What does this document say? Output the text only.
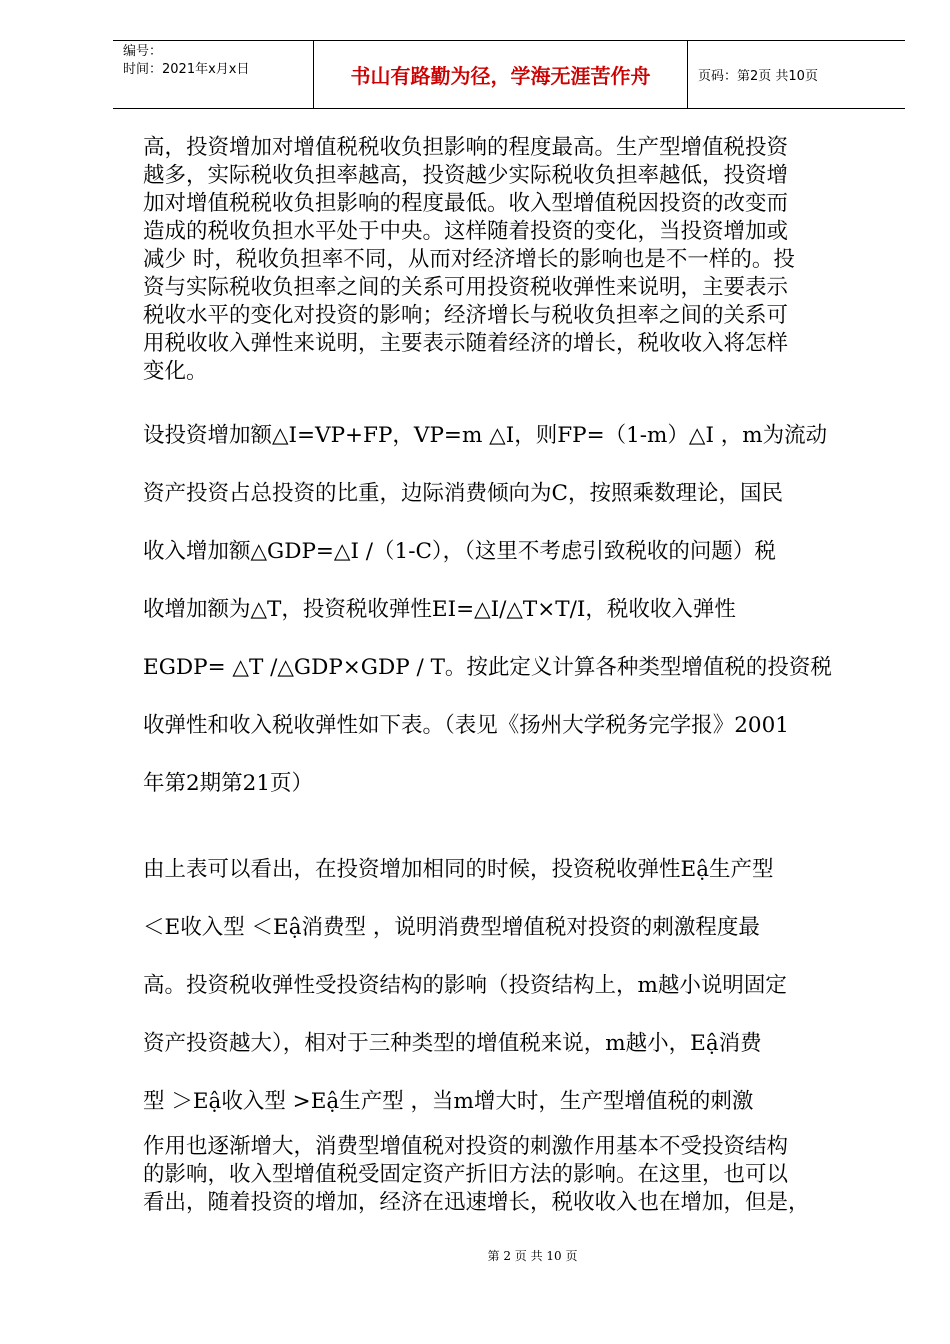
编号：
时间：2021年x月x日	书山有路勤为径，学海无涯苦作舟	页码：第2页 共10页

高，投资增加对增值税税收负担影响的程度最高。生产型增值税投资
越多，实际税收负担率越高，投资越少实际税收负担率越低，投资增
加对增值税税收负担影响的程度最低。收入型增值税因投资的改变而
造成的税收负担水平处于中央。这样随着投资的变化，当投资增加或
减少 时，税收负担率不同，从而对经济增长的影响也是不一样的。投
资与实际税收负担率之间的关系可用投资税收弹性来说明，主要表示
税收水平的变化对投资的影响；经济增长与税收负担率之间的关系可
用税收收入弹性来说明，主要表示随着经济的增长，税收收入将怎样
变化。

设投资增加额△I=VP+FP，VP=m △I，则FP=（1-m）△I ，m为流动
资产投资占总投资的比重，边际消费倾向为C，按照乘数理论，国民
收入增加额△GDP=△I /（1-C），（这里不考虑引致税收的问题）税
收增加额为△T，投资税收弹性EI=△I/△T×T/I，税收收入弹性
EGDP= △T /△GDP×GDP / T。按此定义计算各种类型增值税的投资税
收弹性和收入税收弹性如下表。（表见《扬州大学税务完学报》2001
年第2期第21页）

由上表可以看出，在投资增加相同的时候，投资税收弹性Eậ生产型
＜E收入型 ＜Eậ消费型 ，说明消费型增值税对投资的刺激程度最
高。投资税收弹性受投资结构的影响（投资结构上，m越小说明固定
资产投资越大），相对于三种类型的增值税来说，m越小，Eậ消费
型 ＞Eậ收入型 >Eậ生产型 ，当m增大时，生产型增值税的刺激

作用也逐渐增大，消费型增值税对投资的刺激作用基本不受投资结构
的影响，收入型增值税受固定资产折旧方法的影响。在这里，也可以
看出，随着投资的增加，经济在迅速增长，税收收入也在增加，但是，

第 2 页 共 10 页
